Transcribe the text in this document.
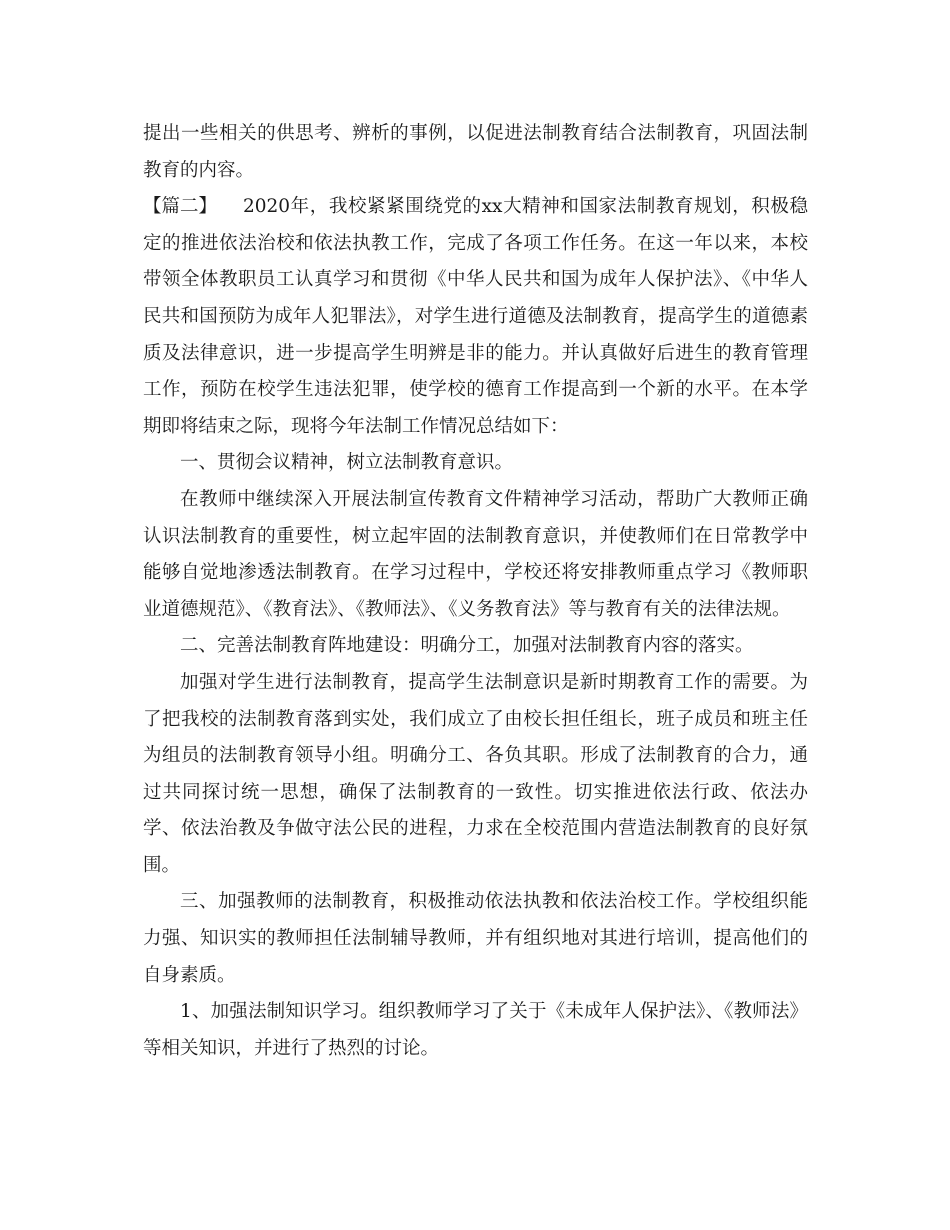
提出一些相关的供思考、辨析的事例，以促进法制教育结合法制教育，巩固法制教育的内容。

【篇二】 2020年，我校紧紧围绕党的xx大精神和国家法制教育规划，积极稳定的推进依法治校和依法执教工作，完成了各项工作任务。在这一年以来，本校带领全体教职员工认真学习和贯彻《中华人民共和国为成年人保护法》、《中华人民共和国预防为成年人犯罪法》，对学生进行道德及法制教育，提高学生的道德素质及法律意识，进一步提高学生明辨是非的能力。并认真做好后进生的教育管理工作，预防在校学生违法犯罪，使学校的德育工作提高到一个新的水平。在本学期即将结束之际，现将今年法制工作情况总结如下：

一、贯彻会议精神，树立法制教育意识。

在教师中继续深入开展法制宣传教育文件精神学习活动，帮助广大教师正确认识法制教育的重要性，树立起牢固的法制教育意识，并使教师们在日常教学中能够自觉地渗透法制教育。在学习过程中，学校还将安排教师重点学习《教师职业道德规范》、《教育法》、《教师法》、《义务教育法》等与教育有关的法律法规。

二、完善法制教育阵地建设：明确分工，加强对法制教育内容的落实。

加强对学生进行法制教育，提高学生法制意识是新时期教育工作的需要。为了把我校的法制教育落到实处，我们成立了由校长担任组长，班子成员和班主任为组员的法制教育领导小组。明确分工、各负其职。形成了法制教育的合力，通过共同探讨统一思想，确保了法制教育的一致性。切实推进依法行政、依法办学、依法治教及争做守法公民的进程，力求在全校范围内营造法制教育的良好氛围。

三、加强教师的法制教育，积极推动依法执教和依法治校工作。学校组织能力强、知识实的教师担任法制辅导教师，并有组织地对其进行培训，提高他们的自身素质。

1、加强法制知识学习。组织教师学习了关于《未成年人保护法》、《教师法》等相关知识，并进行了热烈的讨论。
